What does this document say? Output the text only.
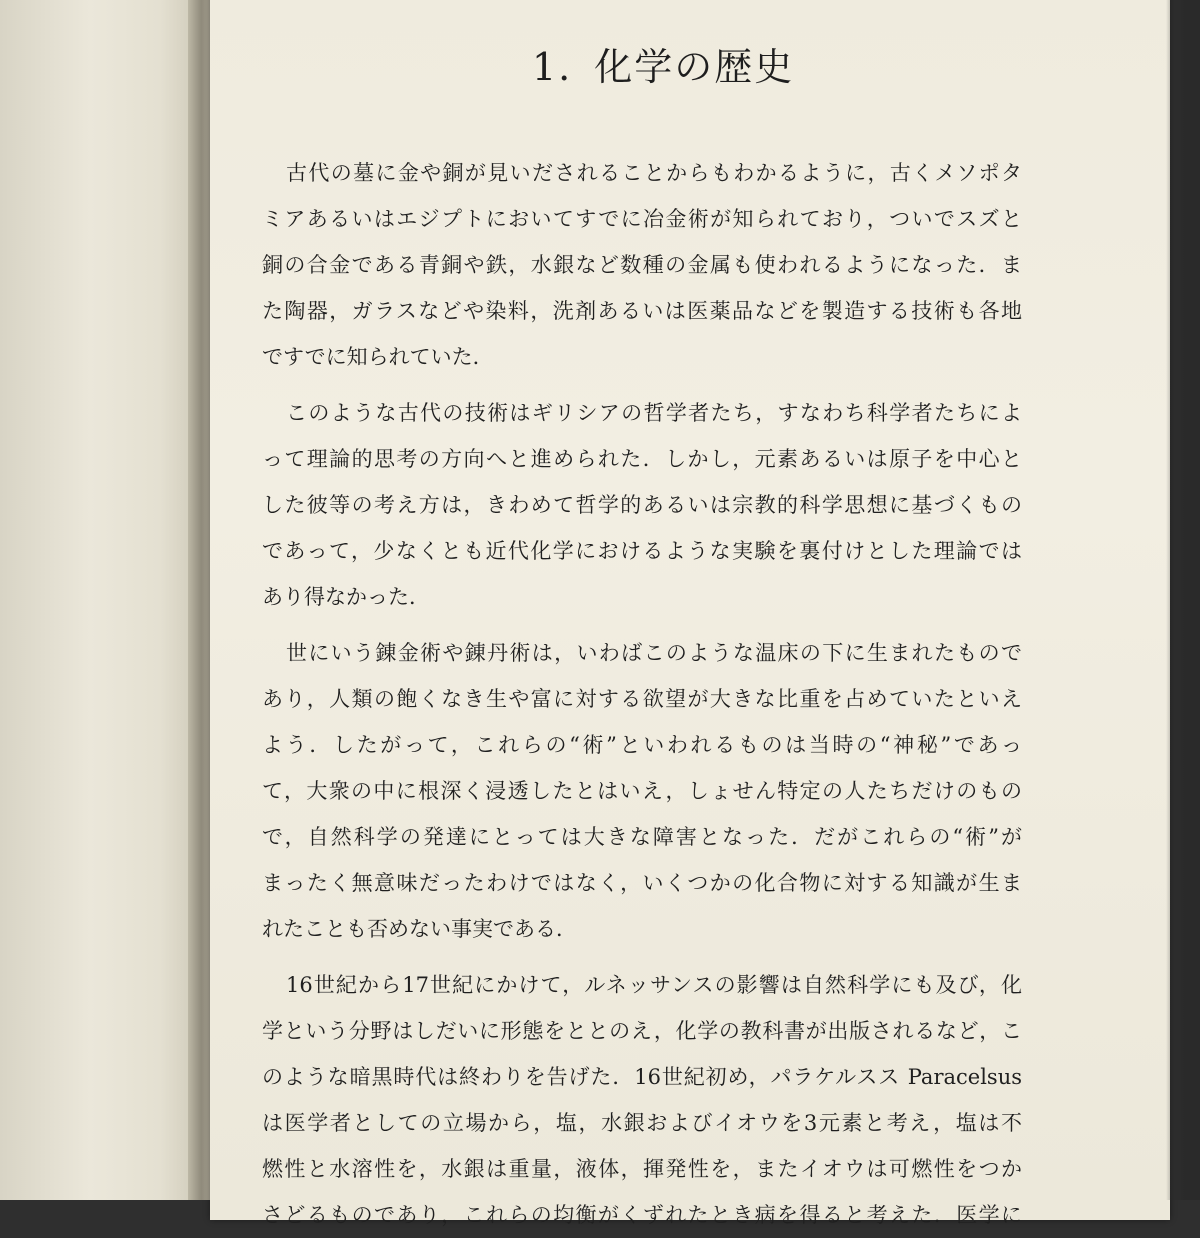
1. 化学の歴史
古代の墓に金や銅が見いだされることからもわかるように，古くメソポタ
ミアあるいはエジプトにおいてすでに冶金術が知られており，ついでスズと
銅の合金である青銅や鉄，水銀など数種の金属も使われるようになった．ま
た陶器，ガラスなどや染料，洗剤あるいは医薬品などを製造する技術も各地
ですでに知られていた．
このような古代の技術はギリシアの哲学者たち，すなわち科学者たちによ
って理論的思考の方向へと進められた．しかし，元素あるいは原子を中心と
した彼等の考え方は，きわめて哲学的あるいは宗教的科学思想に基づくもの
であって，少なくとも近代化学におけるような実験を裏付けとした理論では
あり得なかった．
世にいう錬金術や錬丹術は，いわばこのような温床の下に生まれたもので
あり，人類の飽くなき生や富に対する欲望が大きな比重を占めていたといえ
よう．したがって，これらの“術”といわれるものは当時の“神秘”であっ
て，大衆の中に根深く浸透したとはいえ，しょせん特定の人たちだけのもの
で，自然科学の発達にとっては大きな障害となった．だがこれらの“術”が
まったく無意味だったわけではなく，いくつかの化合物に対する知識が生ま
れたことも否めない事実である．
16世紀から17世紀にかけて，ルネッサンスの影響は自然科学にも及び，化
学という分野はしだいに形態をととのえ，化学の教科書が出版されるなど，こ
のような暗黒時代は終わりを告げた．16世紀初め，パラケルスス Paracelsus
は医学者としての立場から，塩，水銀およびイオウを3元素と考え，塩は不
燃性と水溶性を，水銀は重量，液体，揮発性を，またイオウは可燃性をつか
さどるものであり，これらの均衡がくずれたとき病を得ると考えた．医学に
